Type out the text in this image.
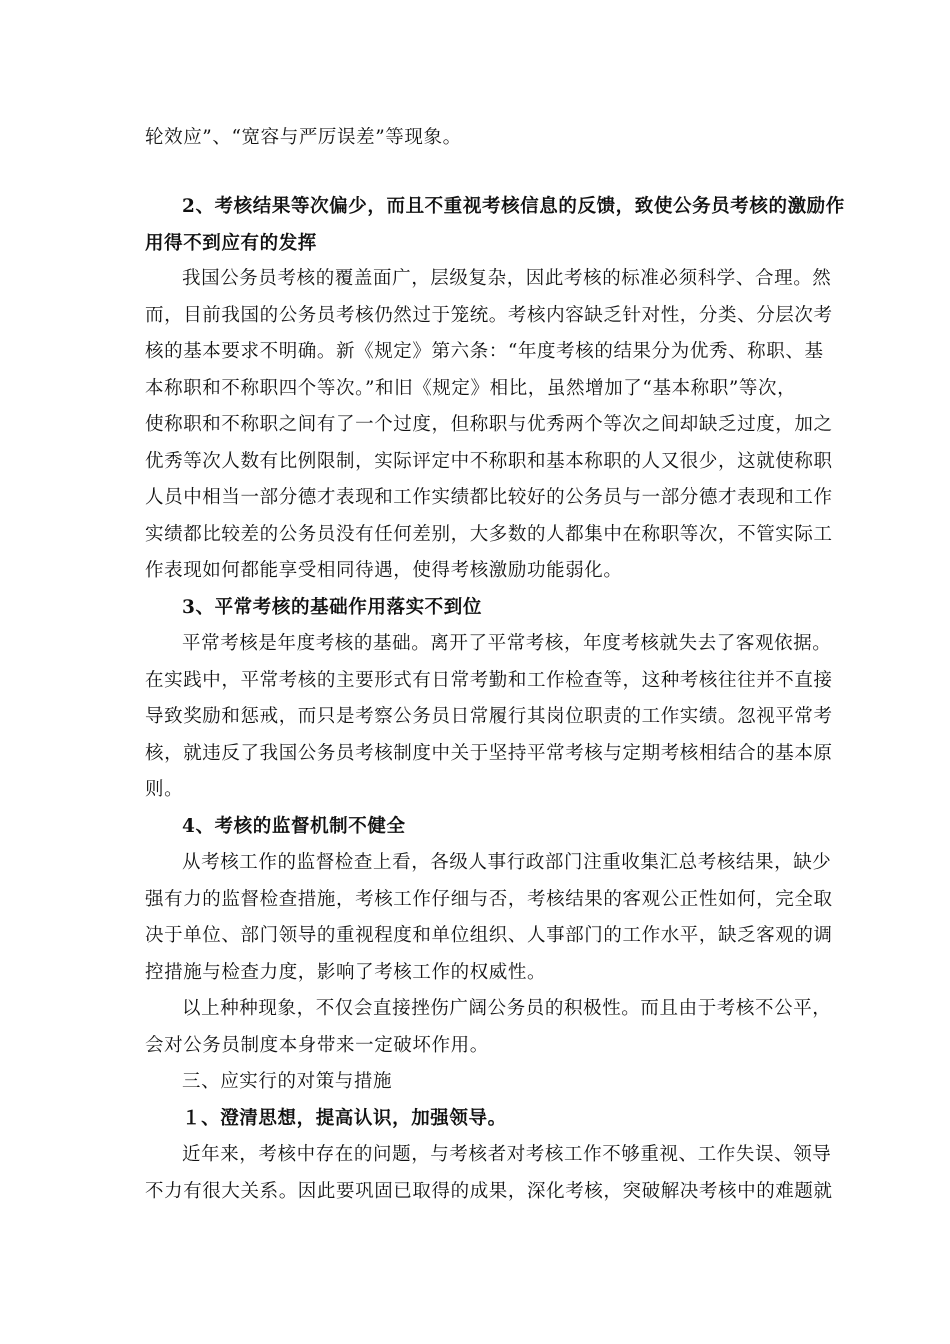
轮效应”、“宽容与严厉误差”等现象。
2、考核结果等次偏少，而且不重视考核信息的反馈，致使公务员考核的激励作
用得不到应有的发挥
我国公务员考核的覆盖面广，层级复杂，因此考核的标准必须科学、合理。然
而，目前我国的公务员考核仍然过于笼统。考核内容缺乏针对性，分类、分层次考
核的基本要求不明确。新《规定》第六条：“年度考核的结果分为优秀、称职、基
本称职和不称职四个等次。”和旧《规定》相比，虽然增加了“基本称职”等次，
使称职和不称职之间有了一个过度，但称职与优秀两个等次之间却缺乏过度，加之
优秀等次人数有比例限制，实际评定中不称职和基本称职的人又很少，这就使称职
人员中相当一部分德才表现和工作实绩都比较好的公务员与一部分德才表现和工作
实绩都比较差的公务员没有任何差别，大多数的人都集中在称职等次，不管实际工
作表现如何都能享受相同待遇，使得考核激励功能弱化。
3、平常考核的基础作用落实不到位
平常考核是年度考核的基础。离开了平常考核，年度考核就失去了客观依据。
在实践中，平常考核的主要形式有日常考勤和工作检查等，这种考核往往并不直接
导致奖励和惩戒，而只是考察公务员日常履行其岗位职责的工作实绩。忽视平常考
核，就违反了我国公务员考核制度中关于坚持平常考核与定期考核相结合的基本原
则。
4、考核的监督机制不健全
从考核工作的监督检查上看，各级人事行政部门注重收集汇总考核结果，缺少
强有力的监督检查措施，考核工作仔细与否，考核结果的客观公正性如何，完全取
决于单位、部门领导的重视程度和单位组织、人事部门的工作水平，缺乏客观的调
控措施与检查力度，影响了考核工作的权威性。
以上种种现象，不仅会直接挫伤广阔公务员的积极性。而且由于考核不公平，
会对公务员制度本身带来一定破坏作用。
三、应实行的对策与措施
１、澄清思想，提高认识，加强领导。
近年来，考核中存在的问题，与考核者对考核工作不够重视、工作失误、领导
不力有很大关系。因此要巩固已取得的成果，深化考核，突破解决考核中的难题就
